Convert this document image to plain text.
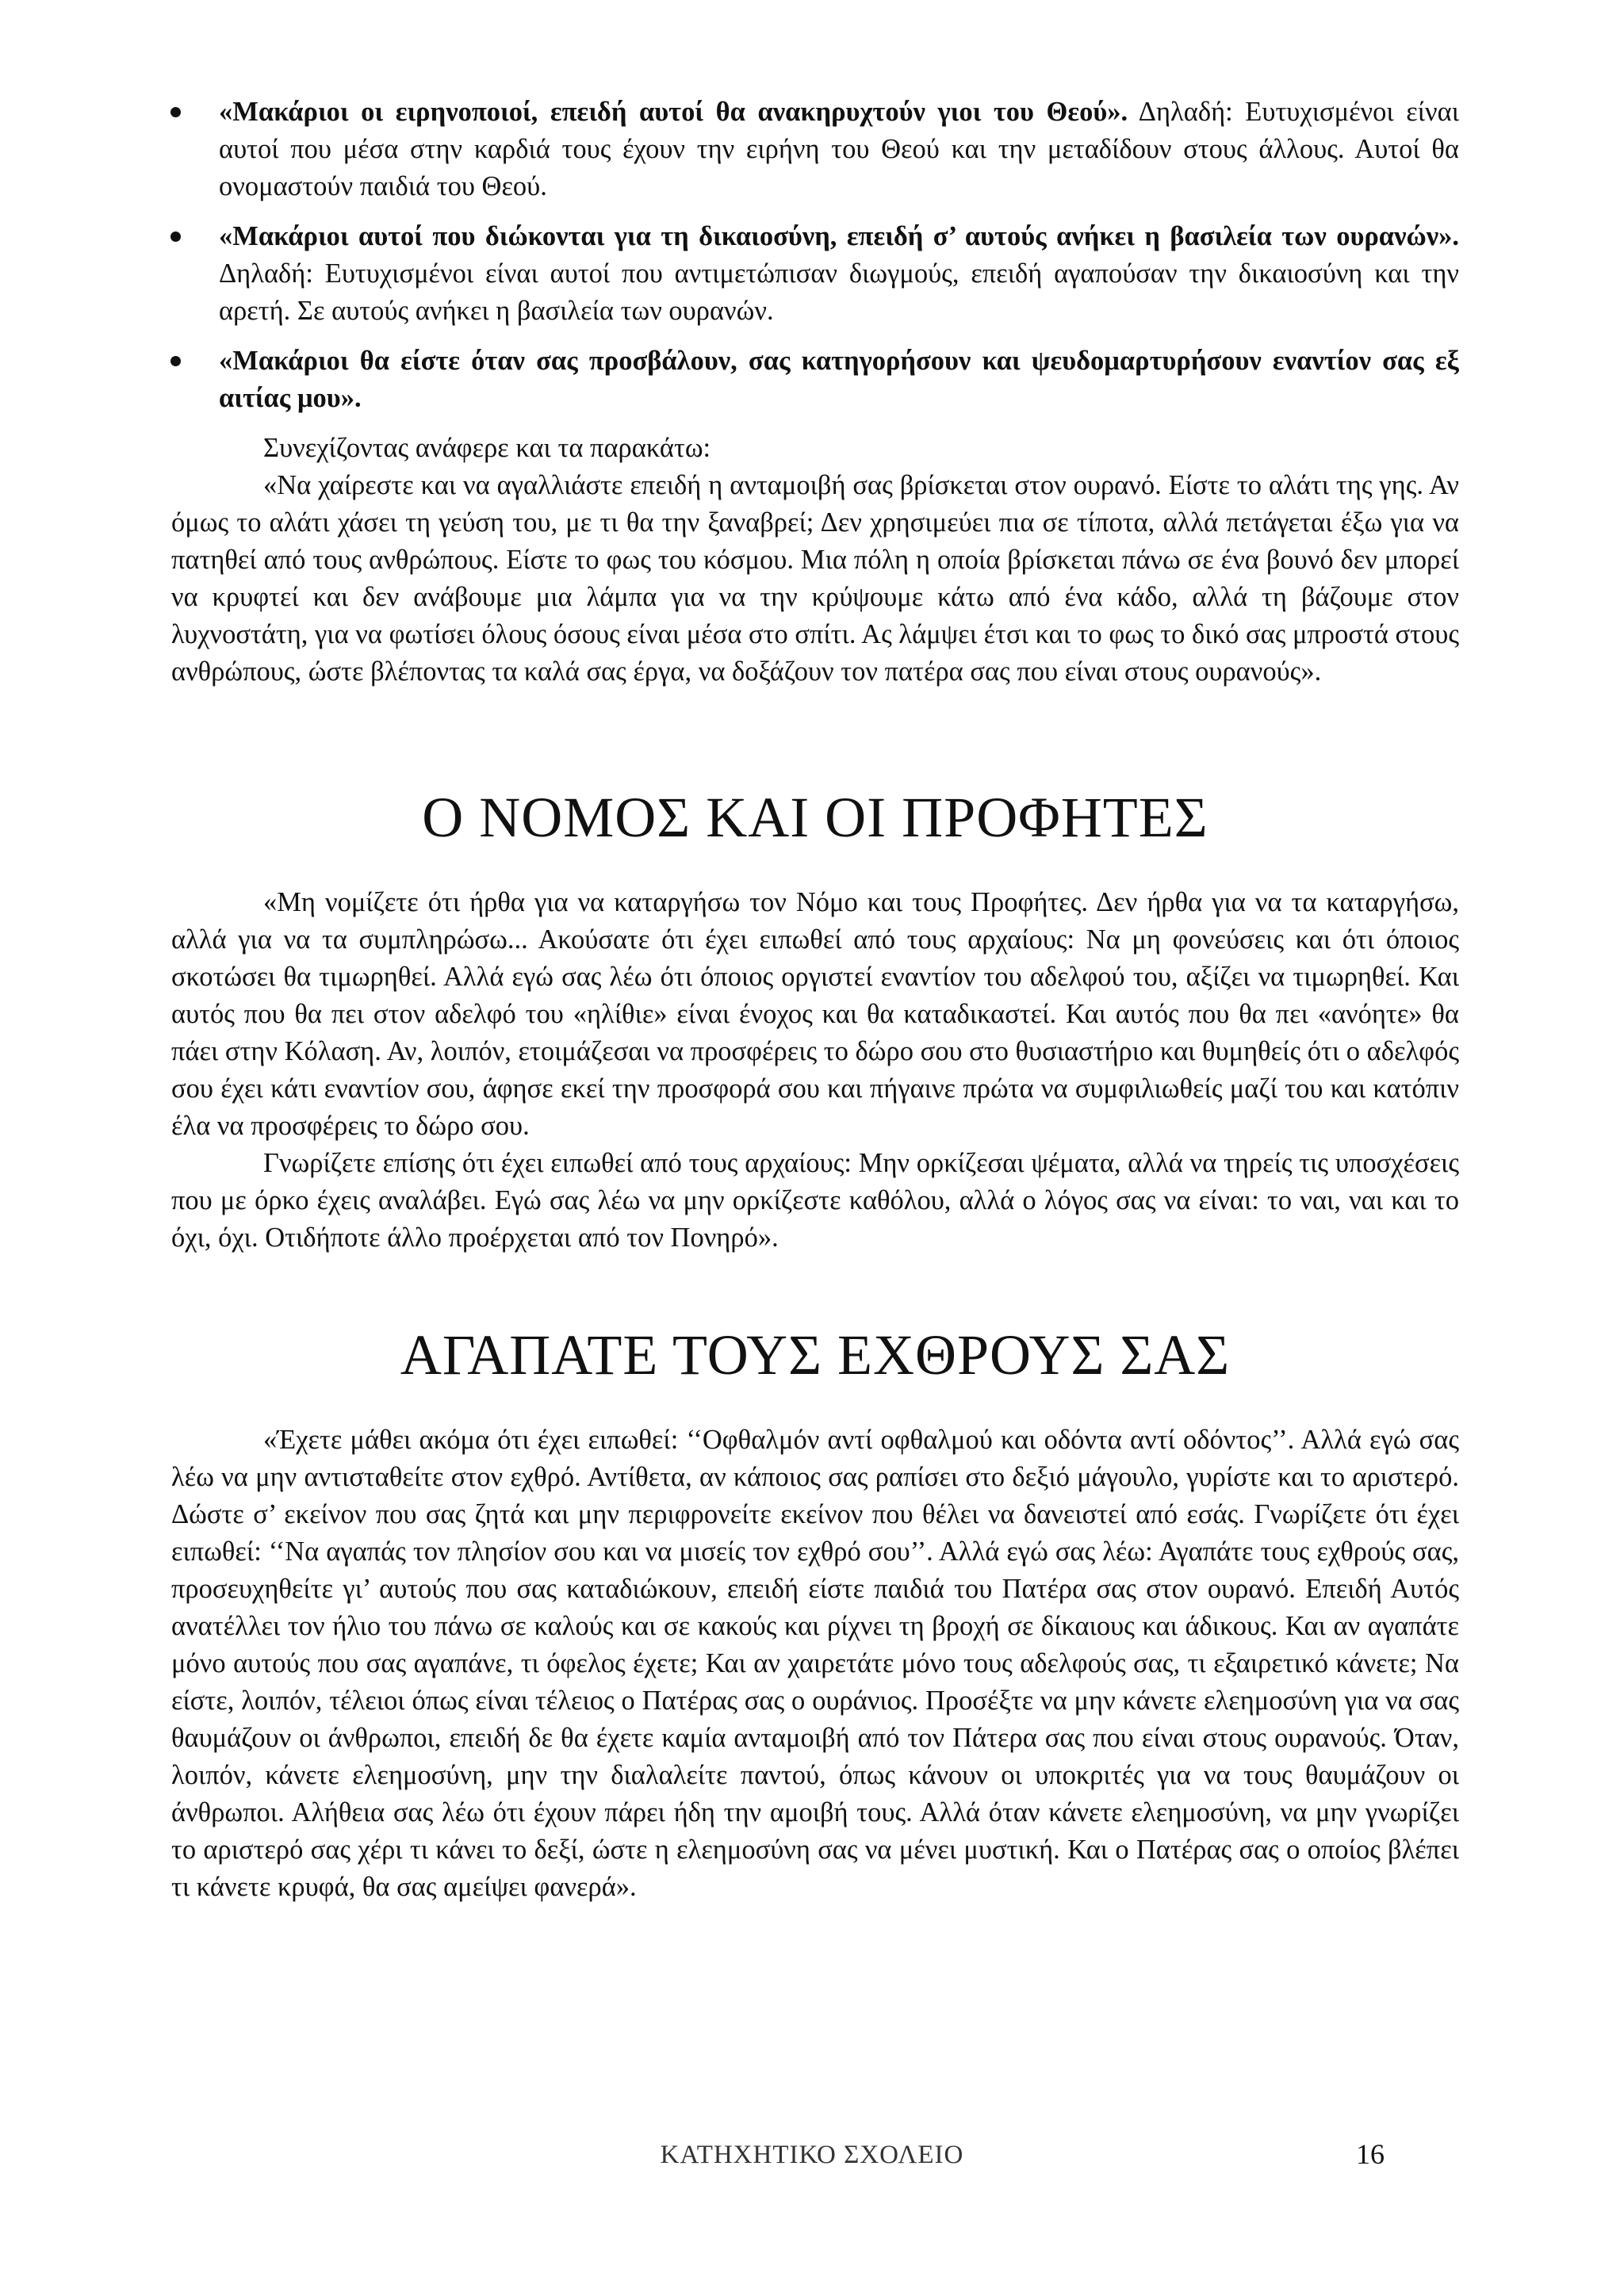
«Μακάριοι οι ειρηνοποιοί, επειδή αυτοί θα ανακηρυχτούν γιοι του Θεού». Δηλαδή: Ευτυχισμένοι είναι αυτοί που μέσα στην καρδιά τους έχουν την ειρήνη του Θεού και την μεταδίδουν στους άλλους. Αυτοί θα ονομαστούν παιδιά του Θεού.
«Μακάριοι αυτοί που διώκονται για τη δικαιοσύνη, επειδή σ’ αυτούς ανήκει η βασιλεία των ουρανών». Δηλαδή: Ευτυχισμένοι είναι αυτοί που αντιμετώπισαν διωγμούς, επειδή αγαπούσαν την δικαιοσύνη και την αρετή. Σε αυτούς ανήκει η βασιλεία των ουρανών.
«Μακάριοι θα είστε όταν σας προσβάλουν, σας κατηγορήσουν και ψευδομαρτυρήσουν εναντίον σας εξ αιτίας μου».

Συνεχίζοντας ανάφερε και τα παρακάτω:

«Να χαίρεστε και να αγαλλιάστε επειδή η ανταμοιβή σας βρίσκεται στον ουρανό. Είστε το αλάτι της γης. Αν όμως το αλάτι χάσει τη γεύση του, με τι θα την ξαναβρεί; Δεν χρησιμεύει πια σε τίποτα, αλλά πετάγεται έξω για να πατηθεί από τους ανθρώπους. Είστε το φως του κόσμου. Μια πόλη η οποία βρίσκεται πάνω σε ένα βουνό δεν μπορεί να κρυφτεί και δεν ανάβουμε μια λάμπα για να την κρύψουμε κάτω από ένα κάδο, αλλά τη βάζουμε στον λυχνοστάτη, για να φωτίσει όλους όσους είναι μέσα στο σπίτι. Ας λάμψει έτσι και το φως το δικό σας μπροστά στους ανθρώπους, ώστε βλέποντας τα καλά σας έργα, να δοξάζουν τον πατέρα σας που είναι στους ουρανούς».

Ο ΝΟΜΟΣ ΚΑΙ ΟΙ ΠΡΟΦΗΤΕΣ

«Μη νομίζετε ότι ήρθα για να καταργήσω τον Νόμο και τους Προφήτες. Δεν ήρθα για να τα καταργήσω, αλλά για να τα συμπληρώσω... Ακούσατε ότι έχει ειπωθεί από τους αρχαίους: Να μη φονεύσεις και ότι όποιος σκοτώσει θα τιμωρηθεί. Αλλά εγώ σας λέω ότι όποιος οργιστεί εναντίον του αδελφού του, αξίζει να τιμωρηθεί. Και αυτός που θα πει στον αδελφό του «ηλίθιε» είναι ένοχος και θα καταδικαστεί. Και αυτός που θα πει «ανόητε» θα πάει στην Κόλαση. Αν, λοιπόν, ετοιμάζεσαι να προσφέρεις το δώρο σου στο θυσιαστήριο και θυμηθείς ότι ο αδελφός σου έχει κάτι εναντίον σου, άφησε εκεί την προσφορά σου και πήγαινε πρώτα να συμφιλιωθείς μαζί του και κατόπιν έλα να προσφέρεις το δώρο σου.

Γνωρίζετε επίσης ότι έχει ειπωθεί από τους αρχαίους: Μην ορκίζεσαι ψέματα, αλλά να τηρείς τις υποσχέσεις που με όρκο έχεις αναλάβει. Εγώ σας λέω να μην ορκίζεστε καθόλου, αλλά ο λόγος σας να είναι: το ναι, ναι και το όχι, όχι. Οτιδήποτε άλλο προέρχεται από τον Πονηρό».

ΑΓΑΠΑΤΕ ΤΟΥΣ ΕΧΘΡΟΥΣ ΣΑΣ

«Έχετε μάθει ακόμα ότι έχει ειπωθεί: ‘‘Οφθαλμόν αντί οφθαλμού και οδόντα αντί οδόντος’’. Αλλά εγώ σας λέω να μην αντισταθείτε στον εχθρό. Αντίθετα, αν κάποιος σας ραπίσει στο δεξιό μάγουλο, γυρίστε και το αριστερό. Δώστε σ’ εκείνον που σας ζητά και μην περιφρονείτε εκείνον που θέλει να δανειστεί από εσάς. Γνωρίζετε ότι έχει ειπωθεί: ‘‘Να αγαπάς τον πλησίον σου και να μισείς τον εχθρό σου’’. Αλλά εγώ σας λέω: Αγαπάτε τους εχθρούς σας, προσευχηθείτε γι’ αυτούς που σας καταδιώκουν, επειδή είστε παιδιά του Πατέρα σας στον ουρανό. Επειδή Αυτός ανατέλλει τον ήλιο του πάνω σε καλούς και σε κακούς και ρίχνει τη βροχή σε δίκαιους και άδικους. Και αν αγαπάτε μόνο αυτούς που σας αγαπάνε, τι όφελος έχετε; Και αν χαιρετάτε μόνο τους αδελφούς σας, τι εξαιρετικό κάνετε; Να είστε, λοιπόν, τέλειοι όπως είναι τέλειος ο Πατέρας σας ο ουράνιος. Προσέξτε να μην κάνετε ελεημοσύνη για να σας θαυμάζουν οι άνθρωποι, επειδή δε θα έχετε καμία ανταμοιβή από τον Πάτερα σας που είναι στους ουρανούς. Όταν, λοιπόν, κάνετε ελεημοσύνη, μην την διαλαλείτε παντού, όπως κάνουν οι υποκριτές για να τους θαυμάζουν οι άνθρωποι. Αλήθεια σας λέω ότι έχουν πάρει ήδη την αμοιβή τους. Αλλά όταν κάνετε ελεημοσύνη, να μην γνωρίζει το αριστερό σας χέρι τι κάνει το δεξί, ώστε η ελεημοσύνη σας να μένει μυστική. Και ο Πατέρας σας ο οποίος βλέπει τι κάνετε κρυφά, θα σας αμείψει φανερά».

ΚΑΤΗΧΗΤΙΚΟ ΣΧΟΛΕΙΟ	16
